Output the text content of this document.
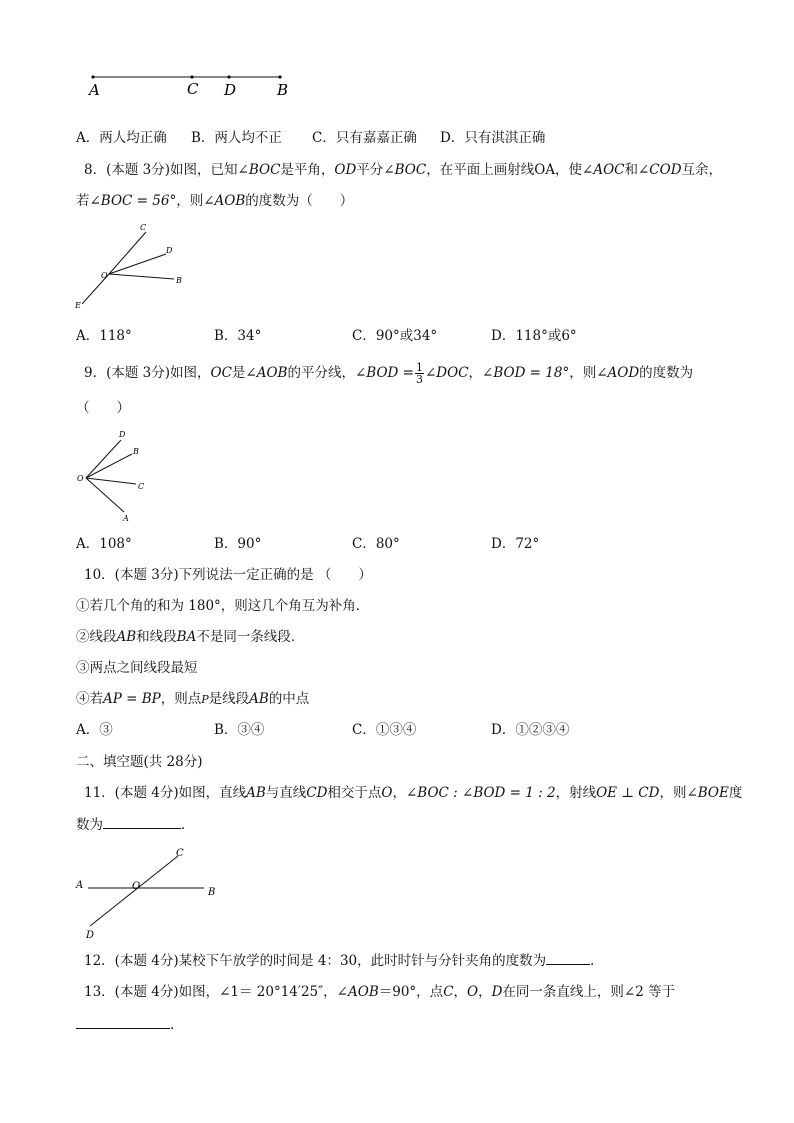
A	C D	B
A．两人均正确 B．两人均不正 C．只有嘉嘉正确 D．只有淇淇正确
8．(本题 3分)如图，已知∠BOC是平角，OD平分∠BOC，在平面上画射线OA，使∠AOC和∠COD互余，
若∠BOC = 56°，则∠AOB的度数为（　　）
C
D
O
B
E
A．118°	B．34°	C．90°或34°	D．118°或6°
9．(本题 3分)如图，OC是∠AOB的平分线，∠BOD = $\frac{1}{3}$ ∠DOC，∠BOD = 18°，则∠AOD的度数为
（　　）
D
B
O
C
A
A．108°	B．90°	C．80°	D．72°
10．(本题 3分)下列说法一定正确的是 （　　）
①若几个角的和为 180°，则这几个角互为补角．
②线段AB和线段BA不是同一条线段．
③两点之间线段最短
④若AP = BP，则点P是线段AB的中点
A．③	B．③④	C．①③④	D．①②③④
二、填空题(共 28分)
11．(本题 4分)如图，直线AB与直线CD相交于点O，∠BOC : ∠BOD = 1 : 2，射线OE ⊥ CD，则∠BOE度
数为	．
C
A	O
B
D
12．(本题 4分)某校下午放学的时间是 4：30，此时时针与分针夹角的度数为	．
13．(本题 4分)如图，∠1＝ 20°14′25″，∠AOB＝90°，点C，O，D在同一条直线上，则∠2 等于
．
